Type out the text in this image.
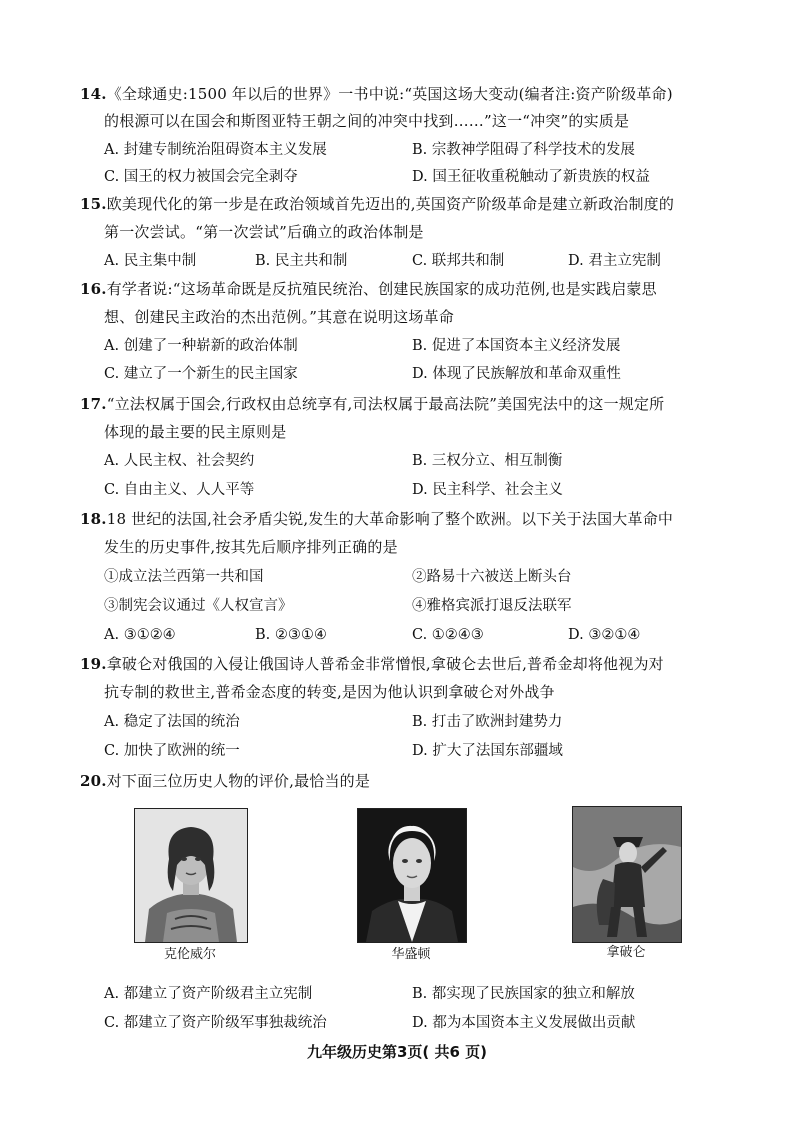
14.《全球通史:1500 年以后的世界》一书中说:“英国这场大变动(编者注:资产阶级革命)
的根源可以在国会和斯图亚特王朝之间的冲突中找到……”这一“冲突”的实质是
A. 封建专制统治阻碍资本主义发展	B. 宗教神学阻碍了科学技术的发展
C. 国王的权力被国会完全剥夺	D. 国王征收重税触动了新贵族的权益
15.欧美现代化的第一步是在政治领域首先迈出的,英国资产阶级革命是建立新政治制度的
第一次尝试。“第一次尝试”后确立的政治体制是
A. 民主集中制	B. 民主共和制	C. 联邦共和制	D. 君主立宪制
16.有学者说:“这场革命既是反抗殖民统治、创建民族国家的成功范例,也是实践启蒙思
想、创建民主政治的杰出范例。”其意在说明这场革命
A. 创建了一种崭新的政治体制	B. 促进了本国资本主义经济发展
C. 建立了一个新生的民主国家	D. 体现了民族解放和革命双重性
17.“立法权属于国会,行政权由总统享有,司法权属于最高法院”美国宪法中的这一规定所
体现的最主要的民主原则是
A. 人民主权、社会契约	B. 三权分立、相互制衡
C. 自由主义、人人平等	D. 民主科学、社会主义
18.18 世纪的法国,社会矛盾尖锐,发生的大革命影响了整个欧洲。以下关于法国大革命中
发生的历史事件,按其先后顺序排列正确的是
①成立法兰西第一共和国	②路易十六被送上断头台
③制宪会议通过《人权宣言》	④雅格宾派打退反法联军
A. ③①②④	B. ②③①④	C. ①②④③	D. ③②①④
19.拿破仑对俄国的入侵让俄国诗人普希金非常憎恨,拿破仑去世后,普希金却将他视为对
抗专制的救世主,普希金态度的转变,是因为他认识到拿破仑对外战争
A. 稳定了法国的统治	B. 打击了欧洲封建势力
C. 加快了欧洲的统一	D. 扩大了法国东部疆域
20.对下面三位历史人物的评价,最恰当的是
克伦威尔	华盛顿	拿破仑
A. 都建立了资产阶级君主立宪制	B. 都实现了民族国家的独立和解放
C. 都建立了资产阶级军事独裁统治	D. 都为本国资本主义发展做出贡献
九年级历史第3页( 共6 页)
